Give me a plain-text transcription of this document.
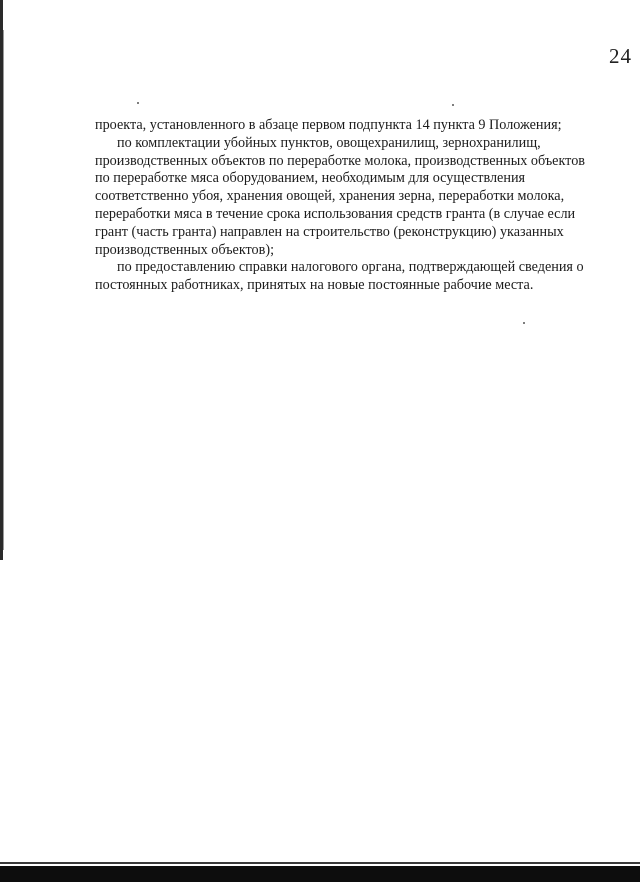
24
проекта, установленного в абзаце первом подпункта 14 пункта 9 Положения;
по комплектации убойных пунктов, овощехранилищ, зернохранилищ,
производственных объектов по переработке молока, производственных объектов
по переработке мяса оборудованием, необходимым для осуществления
соответственно убоя, хранения овощей, хранения зерна, переработки молока,
переработки мяса в течение срока использования средств гранта (в случае если
грант (часть гранта) направлен на строительство (реконструкцию) указанных
производственных объектов);
по предоставлению справки налогового органа, подтверждающей сведения о
постоянных работниках, принятых на новые постоянные рабочие места.
